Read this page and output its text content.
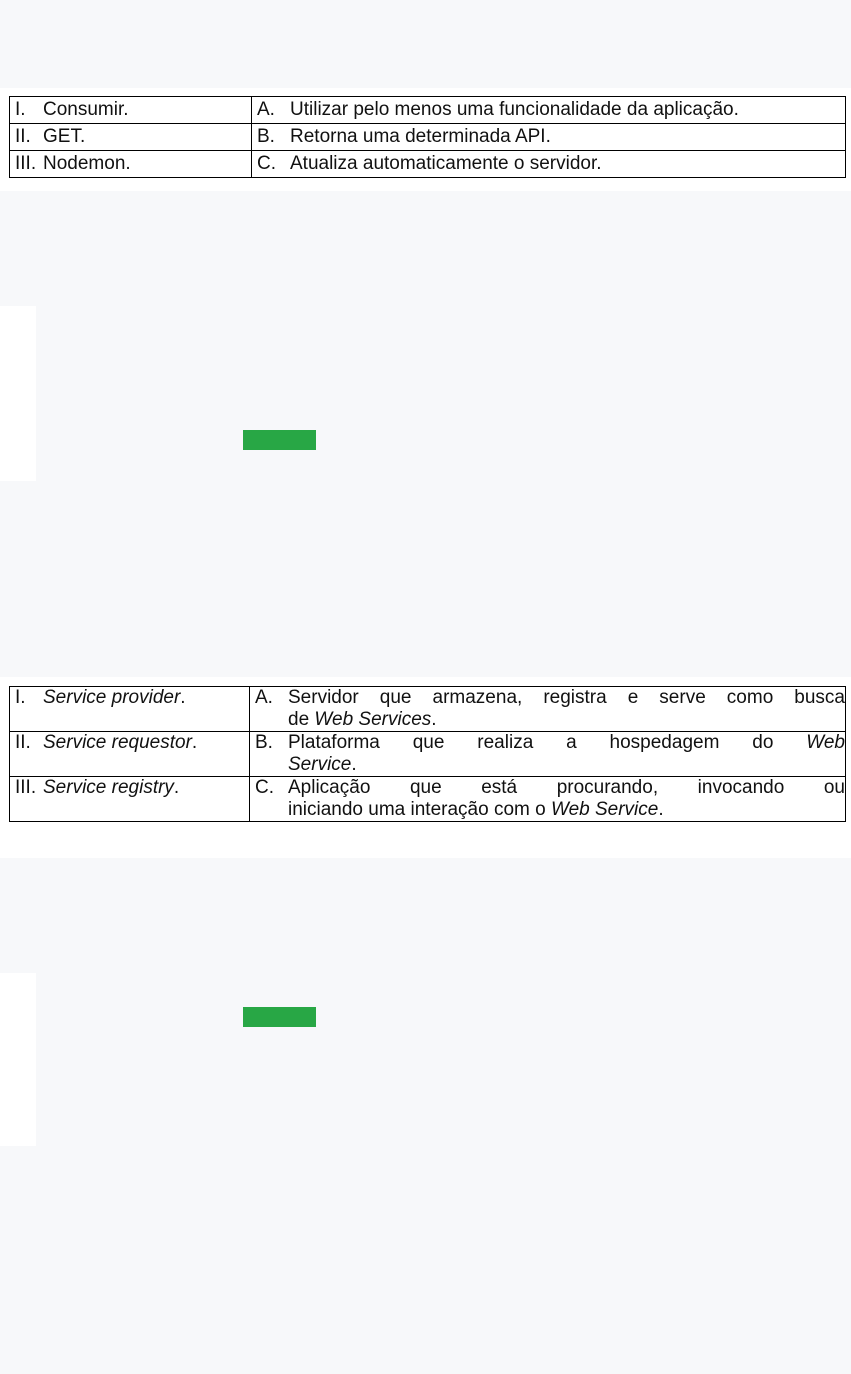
I. Consumir.	A. Utilizar pelo menos uma funcionalidade da aplicação.
II. GET.	B. Retorna uma determinada API.
III. Nodemon.	C. Atualiza automaticamente o servidor.
I. Service provider.	A. Servidor que armazena, registra e serve como busca
de Web Services.

II. Service requestor.	B. Plataforma que realiza a hospedagem do Web
Service.

III. Service registry.	C. Aplicação que está procurando, invocando ou
iniciando uma interação com o Web Service.
